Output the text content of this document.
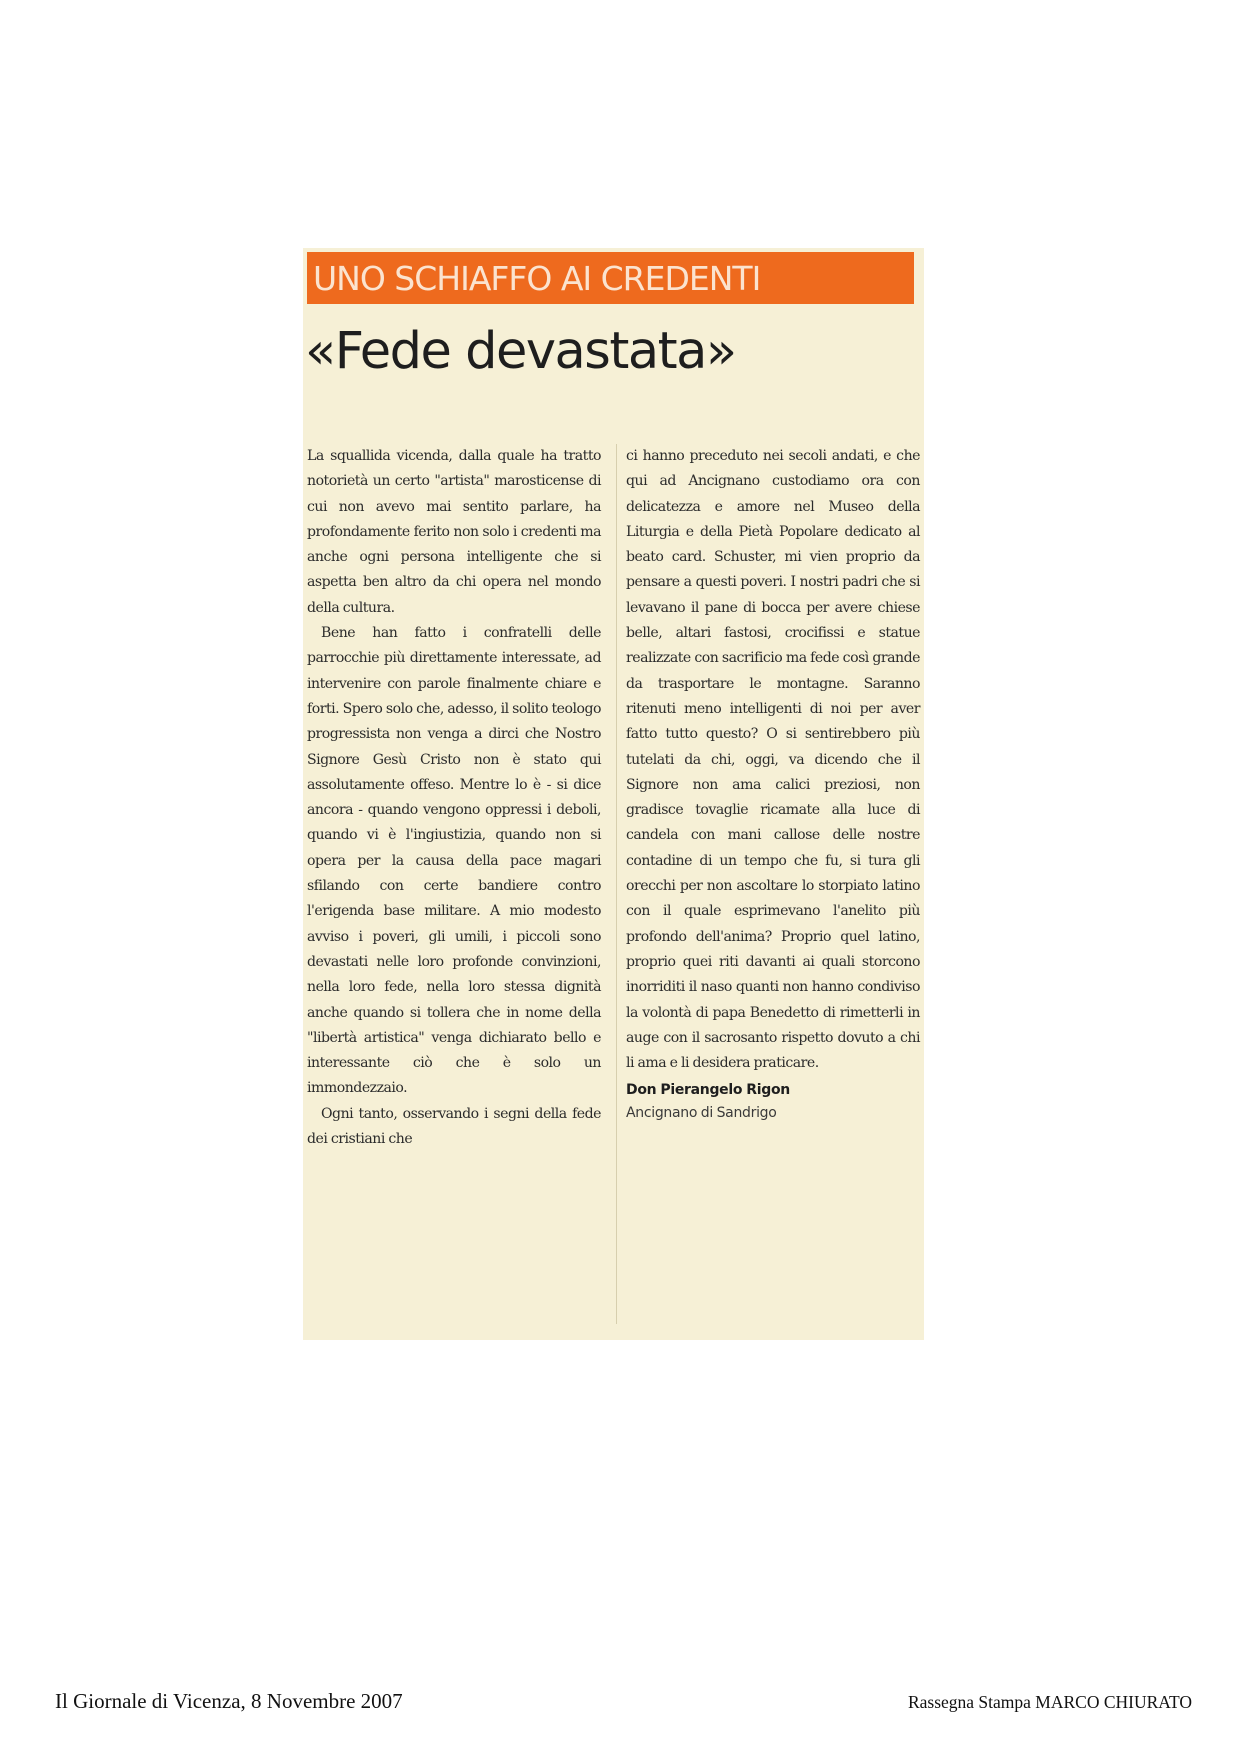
UNO SCHIAFFO AI CREDENTI
«Fede devastata»

La squallida vicenda, dalla quale ha tratto notorietà un certo "artista" marosticense di cui non avevo mai sentito parlare, ha profondamente ferito non solo i credenti ma anche ogni persona intelligente che si aspetta ben altro da chi opera nel mondo della cultura.

Bene han fatto i confratelli delle parrocchie più direttamente interessate, ad intervenire con parole finalmente chiare e forti. Spero solo che, adesso, il solito teologo progressista non venga a dirci che Nostro Signore Gesù Cristo non è stato qui assolutamente offeso. Mentre lo è - si dice ancora - quando vengono oppressi i deboli, quando vi è l'ingiustizia, quando non si opera per la causa della pace magari sfilando con certe bandiere contro l'erigenda base militare. A mio modesto avviso i poveri, gli umili, i piccoli sono devastati nelle loro profonde convinzioni, nella loro fede, nella loro stessa dignità anche quando si tollera che in nome della "libertà artistica" venga dichiarato bello e interessante ciò che è solo un immondezzaio.

Ogni tanto, osservando i segni della fede dei cristiani che

ci hanno preceduto nei secoli andati, e che qui ad Ancignano custodiamo ora con delicatezza e amore nel Museo della Liturgia e della Pietà Popolare dedicato al beato card. Schuster, mi vien proprio da pensare a questi poveri. I nostri padri che si levavano il pane di bocca per avere chiese belle, altari fastosi, crocifissi e statue realizzate con sacrificio ma fede così grande da trasportare le montagne. Saranno ritenuti meno intelligenti di noi per aver fatto tutto questo? O si sentirebbero più tutelati da chi, oggi, va dicendo che il Signore non ama calici preziosi, non gradisce tovaglie ricamate alla luce di candela con mani callose delle nostre contadine di un tempo che fu, si tura gli orecchi per non ascoltare lo storpiato latino con il quale esprimevano l'anelito più profondo dell'anima? Proprio quel latino, proprio quei riti davanti ai quali storcono inorriditi il naso quanti non hanno condiviso la volontà di papa Benedetto di rimetterli in auge con il sacrosanto rispetto dovuto a chi li ama e li desidera praticare.

Don Pierangelo Rigon

Ancignano di Sandrigo

Il Giornale di Vicenza, 8 Novembre 2007	Rassegna Stampa MARCO CHIURATO
